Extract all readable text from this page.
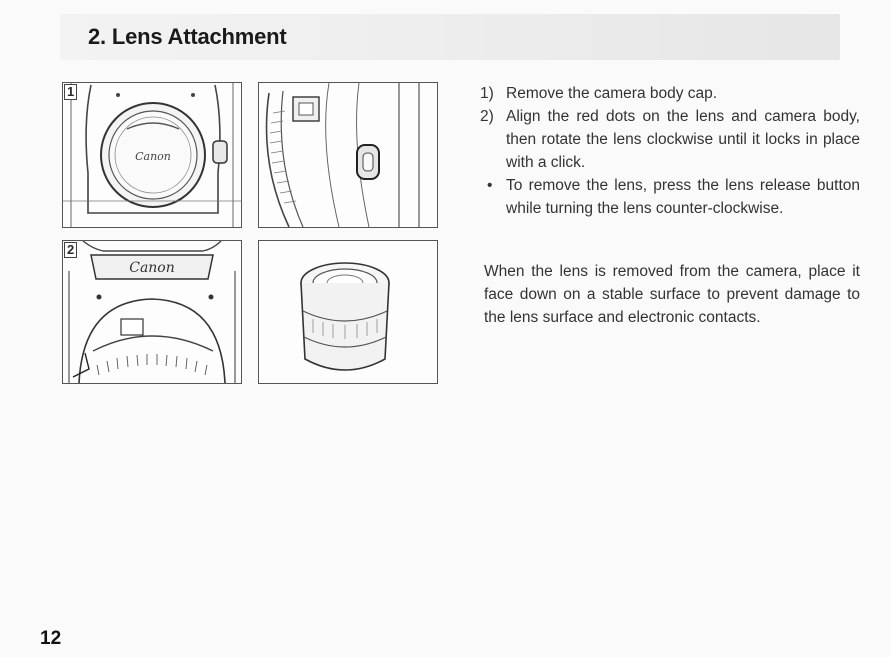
2. Lens Attachment
Canon
1
Canon
2
1) Remove the camera body cap.
2) Align the red dots on the lens and camera body, then rotate the lens clockwise until it locks in place with a click.
• To remove the lens, press the lens release button while turning the lens counter-clockwise.

When the lens is removed from the camera, place it face down on a stable surface to prevent damage to the lens surface and electronic contacts.

12
